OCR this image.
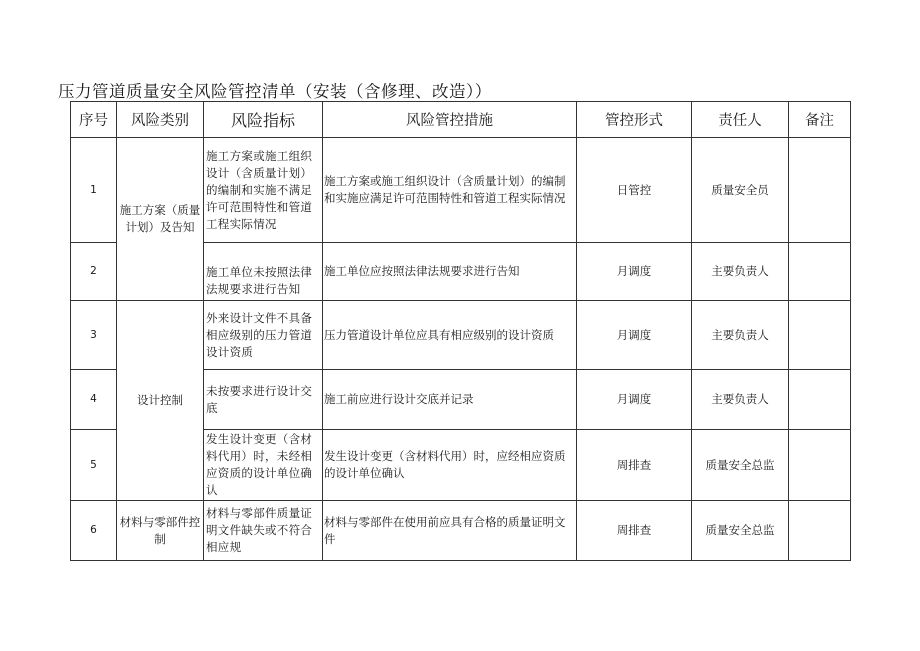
压力管道质量安全风险管控清单（安装（含修理、改造））
序号	风险类别	风险指标	风险管控措施	管控形式	责任人	备注
1	施工方案（质量计划）及告知	施工方案或施工组织设计（含质量计划）的编制和实施不满足许可范围特性和管道工程实际情况	施工方案或施工组织设计（含质量计划）的编制和实施应满足许可范围特性和管道工程实际情况	日管控	质量安全员	
2		施工单位未按照法律法规要求进行告知	施工单位应按照法律法规要求进行告知	月调度	主要负责人	
3	设计控制	外来设计文件不具备相应级别的压力管道设计资质	压力管道设计单位应具有相应级别的设计资质	月调度	主要负责人	
4		未按要求进行设计交底	施工前应进行设计交底并记录	月调度	主要负责人	
5		发生设计变更（含材料代用）时，未经相应资质的设计单位确认	发生设计变更（含材料代用）时，应经相应资质的设计单位确认	周排查	质量安全总监	
6	材料与零部件控制	材料与零部件质量证明文件缺失或不符合相应规	材料与零部件在使用前应具有合格的质量证明文件	周排查	质量安全总监	
